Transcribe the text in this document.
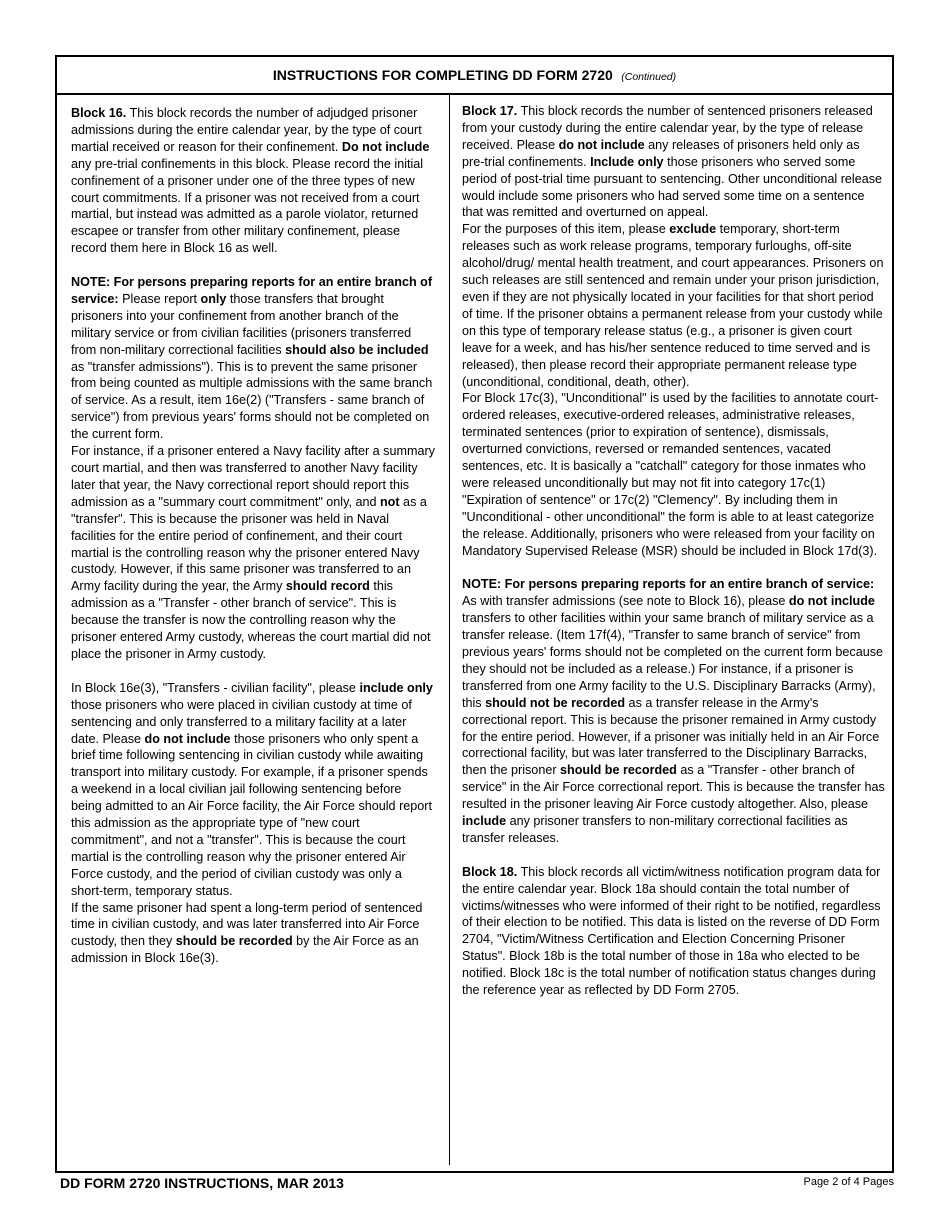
INSTRUCTIONS FOR COMPLETING DD FORM 2720 (Continued)

Block 16. This block records the number of adjudged prisoner admissions during the entire calendar year, by the type of court martial received or reason for their confinement. Do not include any pre-trial confinements in this block. Please record the initial confinement of a prisoner under one of the three types of new court commitments. If a prisoner was not received from a court martial, but instead was admitted as a parole violator, returned escapee or transfer from other military confinement, please record them here in Block 16 as well.

NOTE: For persons preparing reports for an entire branch of service: Please report only those transfers that brought prisoners into your confinement from another branch of the military service or from civilian facilities (prisoners transferred from non-military correctional facilities should also be included as "transfer admissions"). This is to prevent the same prisoner from being counted as multiple admissions with the same branch of service. As a result, item 16e(2) ("Transfers - same branch of service") from previous years' forms should not be completed on the current form.

For instance, if a prisoner entered a Navy facility after a summary court martial, and then was transferred to another Navy facility later that year, the Navy correctional report should report this admission as a "summary court commitment" only, and not as a "transfer". This is because the prisoner was held in Naval facilities for the entire period of confinement, and their court martial is the controlling reason why the prisoner entered Navy custody. However, if this same prisoner was transferred to an Army facility during the year, the Army should record this admission as a "Transfer - other branch of service". This is because the transfer is now the controlling reason why the prisoner entered Army custody, whereas the court martial did not place the prisoner in Army custody.

In Block 16e(3), "Transfers - civilian facility", please include only those prisoners who were placed in civilian custody at time of sentencing and only transferred to a military facility at a later date. Please do not include those prisoners who only spent a brief time following sentencing in civilian custody while awaiting transport into military custody. For example, if a prisoner spends a weekend in a local civilian jail following sentencing before being admitted to an Air Force facility, the Air Force should report this admission as the appropriate type of "new court commitment", and not a "transfer". This is because the court martial is the controlling reason why the prisoner entered Air Force custody, and the period of civilian custody was only a short-term, temporary status.

If the same prisoner had spent a long-term period of sentenced time in civilian custody, and was later transferred into Air Force custody, then they should be recorded by the Air Force as an admission in Block 16e(3).

Block 17. This block records the number of sentenced prisoners released from your custody during the entire calendar year, by the type of release received. Please do not include any releases of prisoners held only as pre-trial confinements. Include only those prisoners who served some period of post-trial time pursuant to sentencing. Other unconditional release would include some prisoners who had served some time on a sentence that was remitted and overturned on appeal.

For the purposes of this item, please exclude temporary, short-term releases such as work release programs, temporary furloughs, off-site alcohol/drug/ mental health treatment, and court appearances. Prisoners on such releases are still sentenced and remain under your prison jurisdiction, even if they are not physically located in your facilities for that short period of time. If the prisoner obtains a permanent release from your custody while on this type of temporary release status (e.g., a prisoner is given court leave for a week, and has his/her sentence reduced to time served and is released), then please record their appropriate permanent release type (unconditional, conditional, death, other).

For Block 17c(3), "Unconditional" is used by the facilities to annotate court-ordered releases, executive-ordered releases, administrative releases, terminated sentences (prior to expiration of sentence), dismissals, overturned convictions, reversed or remanded sentences, vacated sentences, etc. It is basically a "catchall" category for those inmates who were released unconditionally but may not fit into category 17c(1) "Expiration of sentence" or 17c(2) "Clemency". By including them in "Unconditional - other unconditional" the form is able to at least categorize the release. Additionally, prisoners who were released from your facility on Mandatory Supervised Release (MSR) should be included in Block 17d(3).

NOTE: For persons preparing reports for an entire branch of service: As with transfer admissions (see note to Block 16), please do not include transfers to other facilities within your same branch of military service as a transfer release. (Item 17f(4), "Transfer to same branch of service" from previous years' forms should not be completed on the current form because they should not be included as a release.) For instance, if a prisoner is transferred from one Army facility to the U.S. Disciplinary Barracks (Army), this should not be recorded as a transfer release in the Army's correctional report. This is because the prisoner remained in Army custody for the entire period. However, if a prisoner was initially held in an Air Force correctional facility, but was later transferred to the Disciplinary Barracks, then the prisoner should be recorded as a "Transfer - other branch of service" in the Air Force correctional report. This is because the transfer has resulted in the prisoner leaving Air Force custody altogether. Also, please include any prisoner transfers to non-military correctional facilities as transfer releases.

Block 18. This block records all victim/witness notification program data for the entire calendar year. Block 18a should contain the total number of victims/witnesses who were informed of their right to be notified, regardless of their election to be notified. This data is listed on the reverse of DD Form 2704, "Victim/Witness Certification and Election Concerning Prisoner Status". Block 18b is the total number of those in 18a who elected to be notified. Block 18c is the total number of notification status changes during the reference year as reflected by DD Form 2705.

DD FORM 2720 INSTRUCTIONS, MAR 2013	Page 2 of 4 Pages
